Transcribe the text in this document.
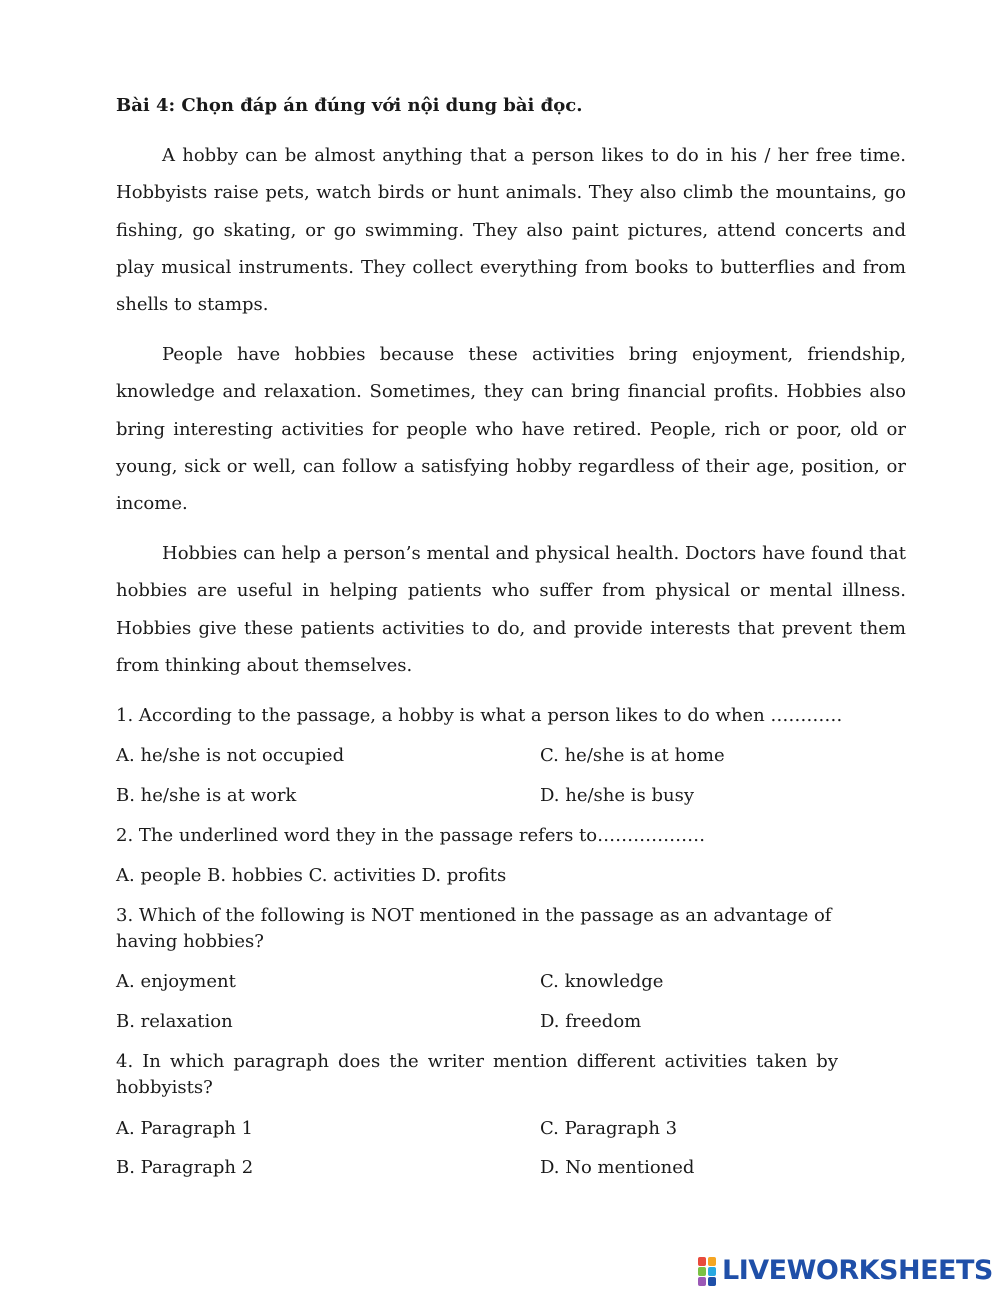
Bài 4: Chọn đáp án đúng với nội dung bài đọc.

A hobby can be almost anything that a person likes to do in his / her free time. Hobbyists raise pets, watch birds or hunt animals. They also climb the mountains, go fishing, go skating, or go swimming. They also paint pictures, attend concerts and play musical instruments. They collect everything from books to butterflies and from shells to stamps.

People have hobbies because these activities bring enjoyment, friendship, knowledge and relaxation. Sometimes, they can bring financial profits. Hobbies also bring interesting activities for people who have retired. People, rich or poor, old or young, sick or well, can follow a satisfying hobby regardless of their age, position, or income.

Hobbies can help a person’s mental and physical health. Doctors have found that hobbies are useful in helping patients who suffer from physical or mental illness. Hobbies give these patients activities to do, and provide interests that prevent them from thinking about themselves.

1. According to the passage, a hobby is what a person likes to do when …………

A. he/she is not occupied	C. he/she is at home
B. he/she is at work	D. he/she is busy

2. The underlined word they in the passage refers to………………

A. people B. hobbies C. activities D. profits

3. Which of the following is NOT mentioned in the passage as an advantage of having hobbies?

A. enjoyment	C. knowledge
B. relaxation	D. freedom

4. In which paragraph does the writer mention different activities taken by hobbyists?

A. Paragraph 1	C. Paragraph 3
B. Paragraph 2	D. No mentioned
LIVEWORKSHEETS
